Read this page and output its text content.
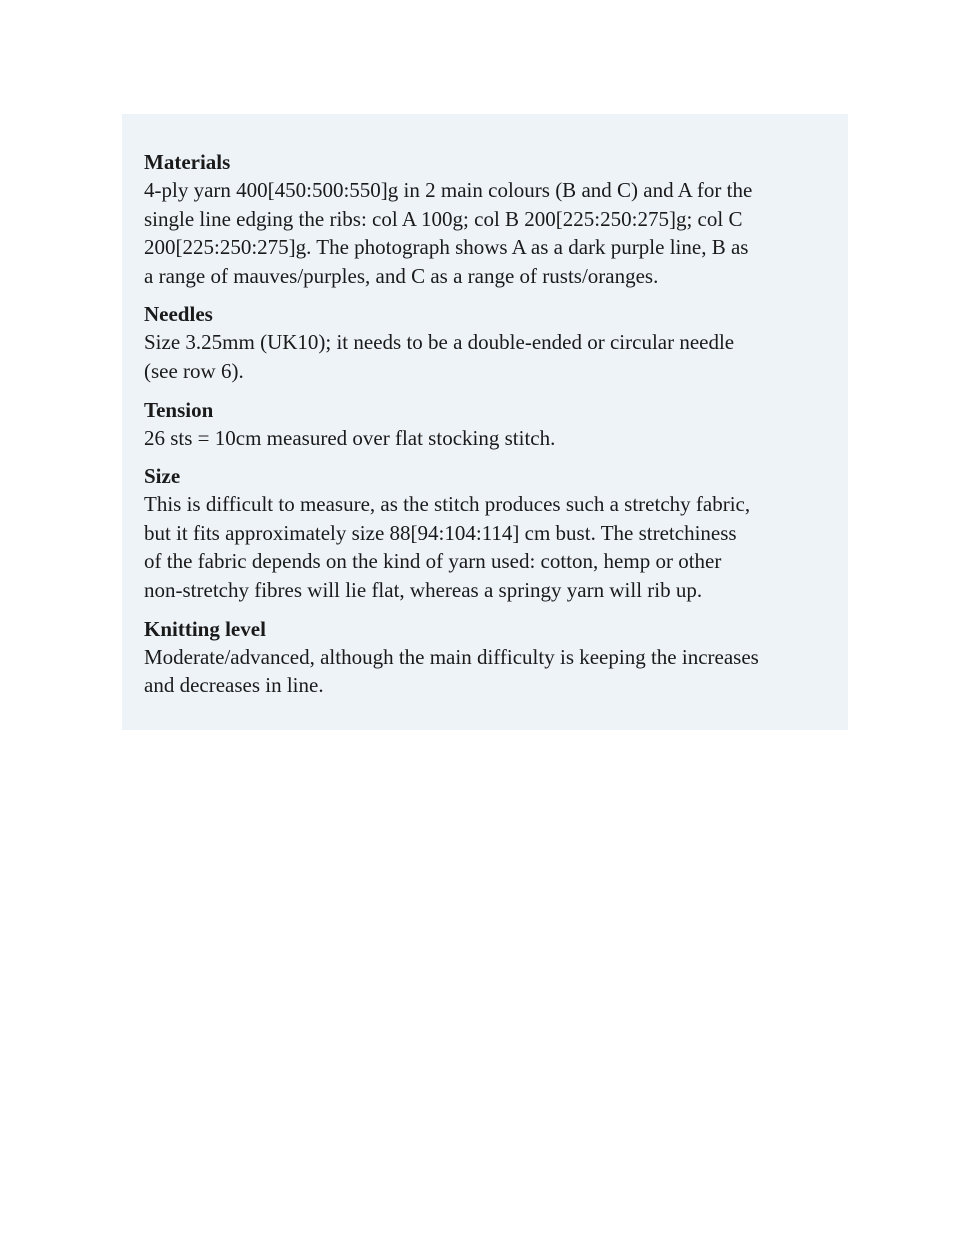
Materials
4-ply yarn 400[450:500:550]g in 2 main colours (B and C) and A for the
single line edging the ribs: col A 100g; col B 200[225:250:275]g; col C
200[225:250:275]g. The photograph shows A as a dark purple line, B as
a range of mauves/purples, and C as a range of rusts/oranges.
Needles
Size 3.25mm (UK10); it needs to be a double-ended or circular needle
(see row 6).
Tension
26 sts = 10cm measured over flat stocking stitch.
Size
This is difficult to measure, as the stitch produces such a stretchy fabric,
but it fits approximately size 88[94:104:114] cm bust. The stretchiness
of the fabric depends on the kind of yarn used: cotton, hemp or other
non-stretchy fibres will lie flat, whereas a springy yarn will rib up.
Knitting level
Moderate/advanced, although the main difficulty is keeping the increases
and decreases in line.
